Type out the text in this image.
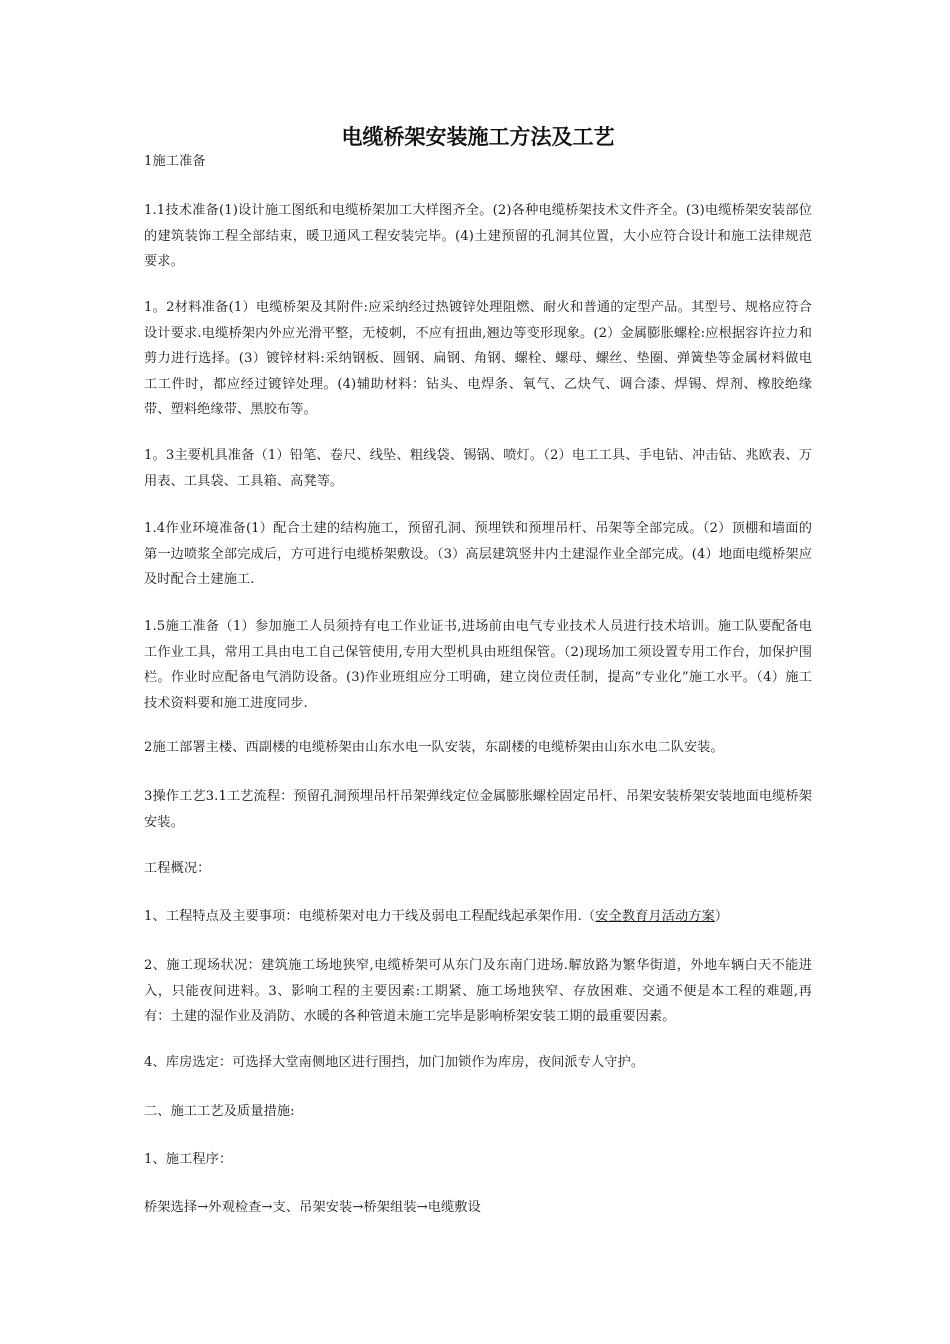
电缆桥架安装施工方法及工艺

1施工准备

1.1技术准备(1)设计施工图纸和电缆桥架加工大样图齐全。(2)各种电缆桥架技术文件齐全。(3)电缆桥架安装部位的建筑装饰工程全部结束，暖卫通风工程安装完毕。(4)土建预留的孔洞其位置，大小应符合设计和施工法律规范要求。

1。2材料准备(1）电缆桥架及其附件:应采纳经过热镀锌处理阻燃、耐火和普通的定型产品。其型号、规格应符合设计要求.电缆桥架内外应光滑平整，无棱刺，不应有扭曲,翘边等变形现象。(2）金属膨胀螺栓:应根据容许拉力和剪力进行选择。(3）镀锌材料:采纳钢板、圆钢、扁钢、角钢、螺栓、螺母、螺丝、垫圈、弹簧垫等金属材料做电工工件时，都应经过镀锌处理。(4)辅助材料：钻头、电焊条、氧气、乙炔气、调合漆、焊锡、焊剂、橡胶绝缘带、塑料绝缘带、黑胶布等。

1。3主要机具准备（1）铅笔、卷尺、线坠、粗线袋、锡锅、喷灯。（2）电工工具、手电钻、冲击钻、兆欧表、万用表、工具袋、工具箱、高凳等。

1.4作业环境准备(1）配合土建的结构施工，预留孔洞、预埋铁和预埋吊杆、吊架等全部完成。（2）顶棚和墙面的第一边喷浆全部完成后，方可进行电缆桥架敷设。（3）高层建筑竖井内土建湿作业全部完成。(4）地面电缆桥架应及时配合土建施工.

1.5施工准备（1）参加施工人员须持有电工作业证书,进场前由电气专业技术人员进行技术培训。施工队要配备电工作业工具，常用工具由电工自己保管使用,专用大型机具由班组保管。（2)现场加工须设置专用工作台，加保护围栏。作业时应配备电气消防设备。(3)作业班组应分工明确，建立岗位责任制，提高“专业化”施工水平。（4）施工技术资料要和施工进度同步.

2施工部署主楼、西副楼的电缆桥架由山东水电一队安装，东副楼的电缆桥架由山东水电二队安装。

3操作工艺3.1工艺流程：预留孔洞预埋吊杆吊架弹线定位金属膨胀螺栓固定吊杆、吊架安装桥架安装地面电缆桥架安装。

工程概况：

1、工程特点及主要事项：电缆桥架对电力干线及弱电工程配线起承架作用.（安全教育月活动方案）

2、施工现场状况：建筑施工场地狭窄,电缆桥架可从东门及东南门进场.解放路为繁华街道，外地车辆白天不能进入，只能夜间进料。3、影响工程的主要因素:工期紧、施工场地狭窄、存放困难、交通不便是本工程的难题,再有：土建的湿作业及消防、水暖的各种管道未施工完毕是影响桥架安装工期的最重要因素。

4、库房选定：可选择大堂南侧地区进行围挡，加门加锁作为库房，夜间派专人守护。

二、施工工艺及质量措施:

1、施工程序：

桥架选择→外观检查→支、吊架安装→桥架组装→电缆敷设
